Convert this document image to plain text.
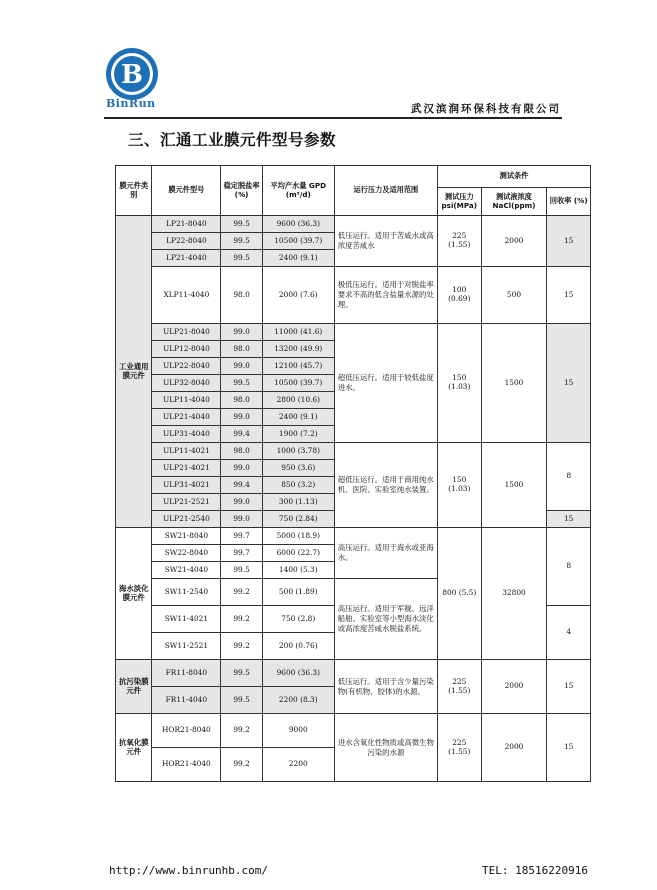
B
BinRun	武汉滨润环保科技有限公司
三、汇通工业膜元件型号参数
膜元件类别	膜元件型号	稳定脱盐率(%)	平均产水量 GPD (m³/d)	运行压力及适用范围	测试条件		
					测试压力 psi(MPa)	测试液浓度 NaCl(ppm)	回收率 (%)
工业通用膜元件	LP21-8040	99.5	9600 (36.3)	低压运行。适用于苦咸水或高浓度苦咸水	225 (1.55)	2000	15
	LP22-8040	99.5	10500 (39.7)				
	LP21-4040	99.5	2400 (9.1)				
	XLP11-4040	98.0	2000 (7.6)	极低压运行。适用于对脱盐率要求不高的低含盐量水源的处理。	100 (0.69)	500	15
	ULP21-8040	99.0	11000 (41.6)	超低压运行。适用于较低盐度进水。	150 (1.03)	1500	15
	ULP12-8040	98.0	13200 (49.9)				
	ULP22-8040	99.0	12100 (45.7)				
	ULP32-8040	99.5	10500 (39.7)				
	ULP11-4040	98.0	2800 (10.6)				
	ULP21-4040	99.0	2400 (9.1)				
	ULP31-4040	99.4	1900 (7.2)				
	ULP11-4021	98.0	1000 (3.78)	超低压运行。适用于商用纯水机、医院、实验室纯水装置。	150 (1.03)	1500	8
	ULP21-4021	99.0	950 (3.6)				
	ULP31-4021	99.4	850 (3.2)				
	ULP21-2521	99.0	300 (1.13)				
	ULP21-2540	99.0	750 (2.84)				15
海水淡化膜元件	SW21-8040	99.7	5000 (18.9)	高压运行。适用于海水或亚海水。	800 (5.5)	32800	8
	SW22-8040	99.7	6000 (22.7)				
	SW21-4040	99.5	1400 (5.3)				
	SW11-2540	99.2	500 (1.89)	高压运行。适用于军舰、远洋船舶、实验室等小型海水淡化或高浓度苦咸水脱盐系统。			
	SW11-4021	99.2	750 (2.8)				4
	SW11-2521	99.2	200 (0.76)				
抗污染膜元件	FR11-8040	99.5	9600 (36.3)	低压运行。适用于含少量污染物(有机物、胶体)的水源。	225 (1.55)	2000	15
	FR11-4040	99.5	2200 (8.3)				
抗氧化膜元件	HOR21-8040	99.2	9000	进水含氧化性物质或高微生物污染的水源	225 (1.55)	2000	15
	HOR21-4040	99.2	2200				
http://www.binrunhb.com/	TEL: 18516220916
